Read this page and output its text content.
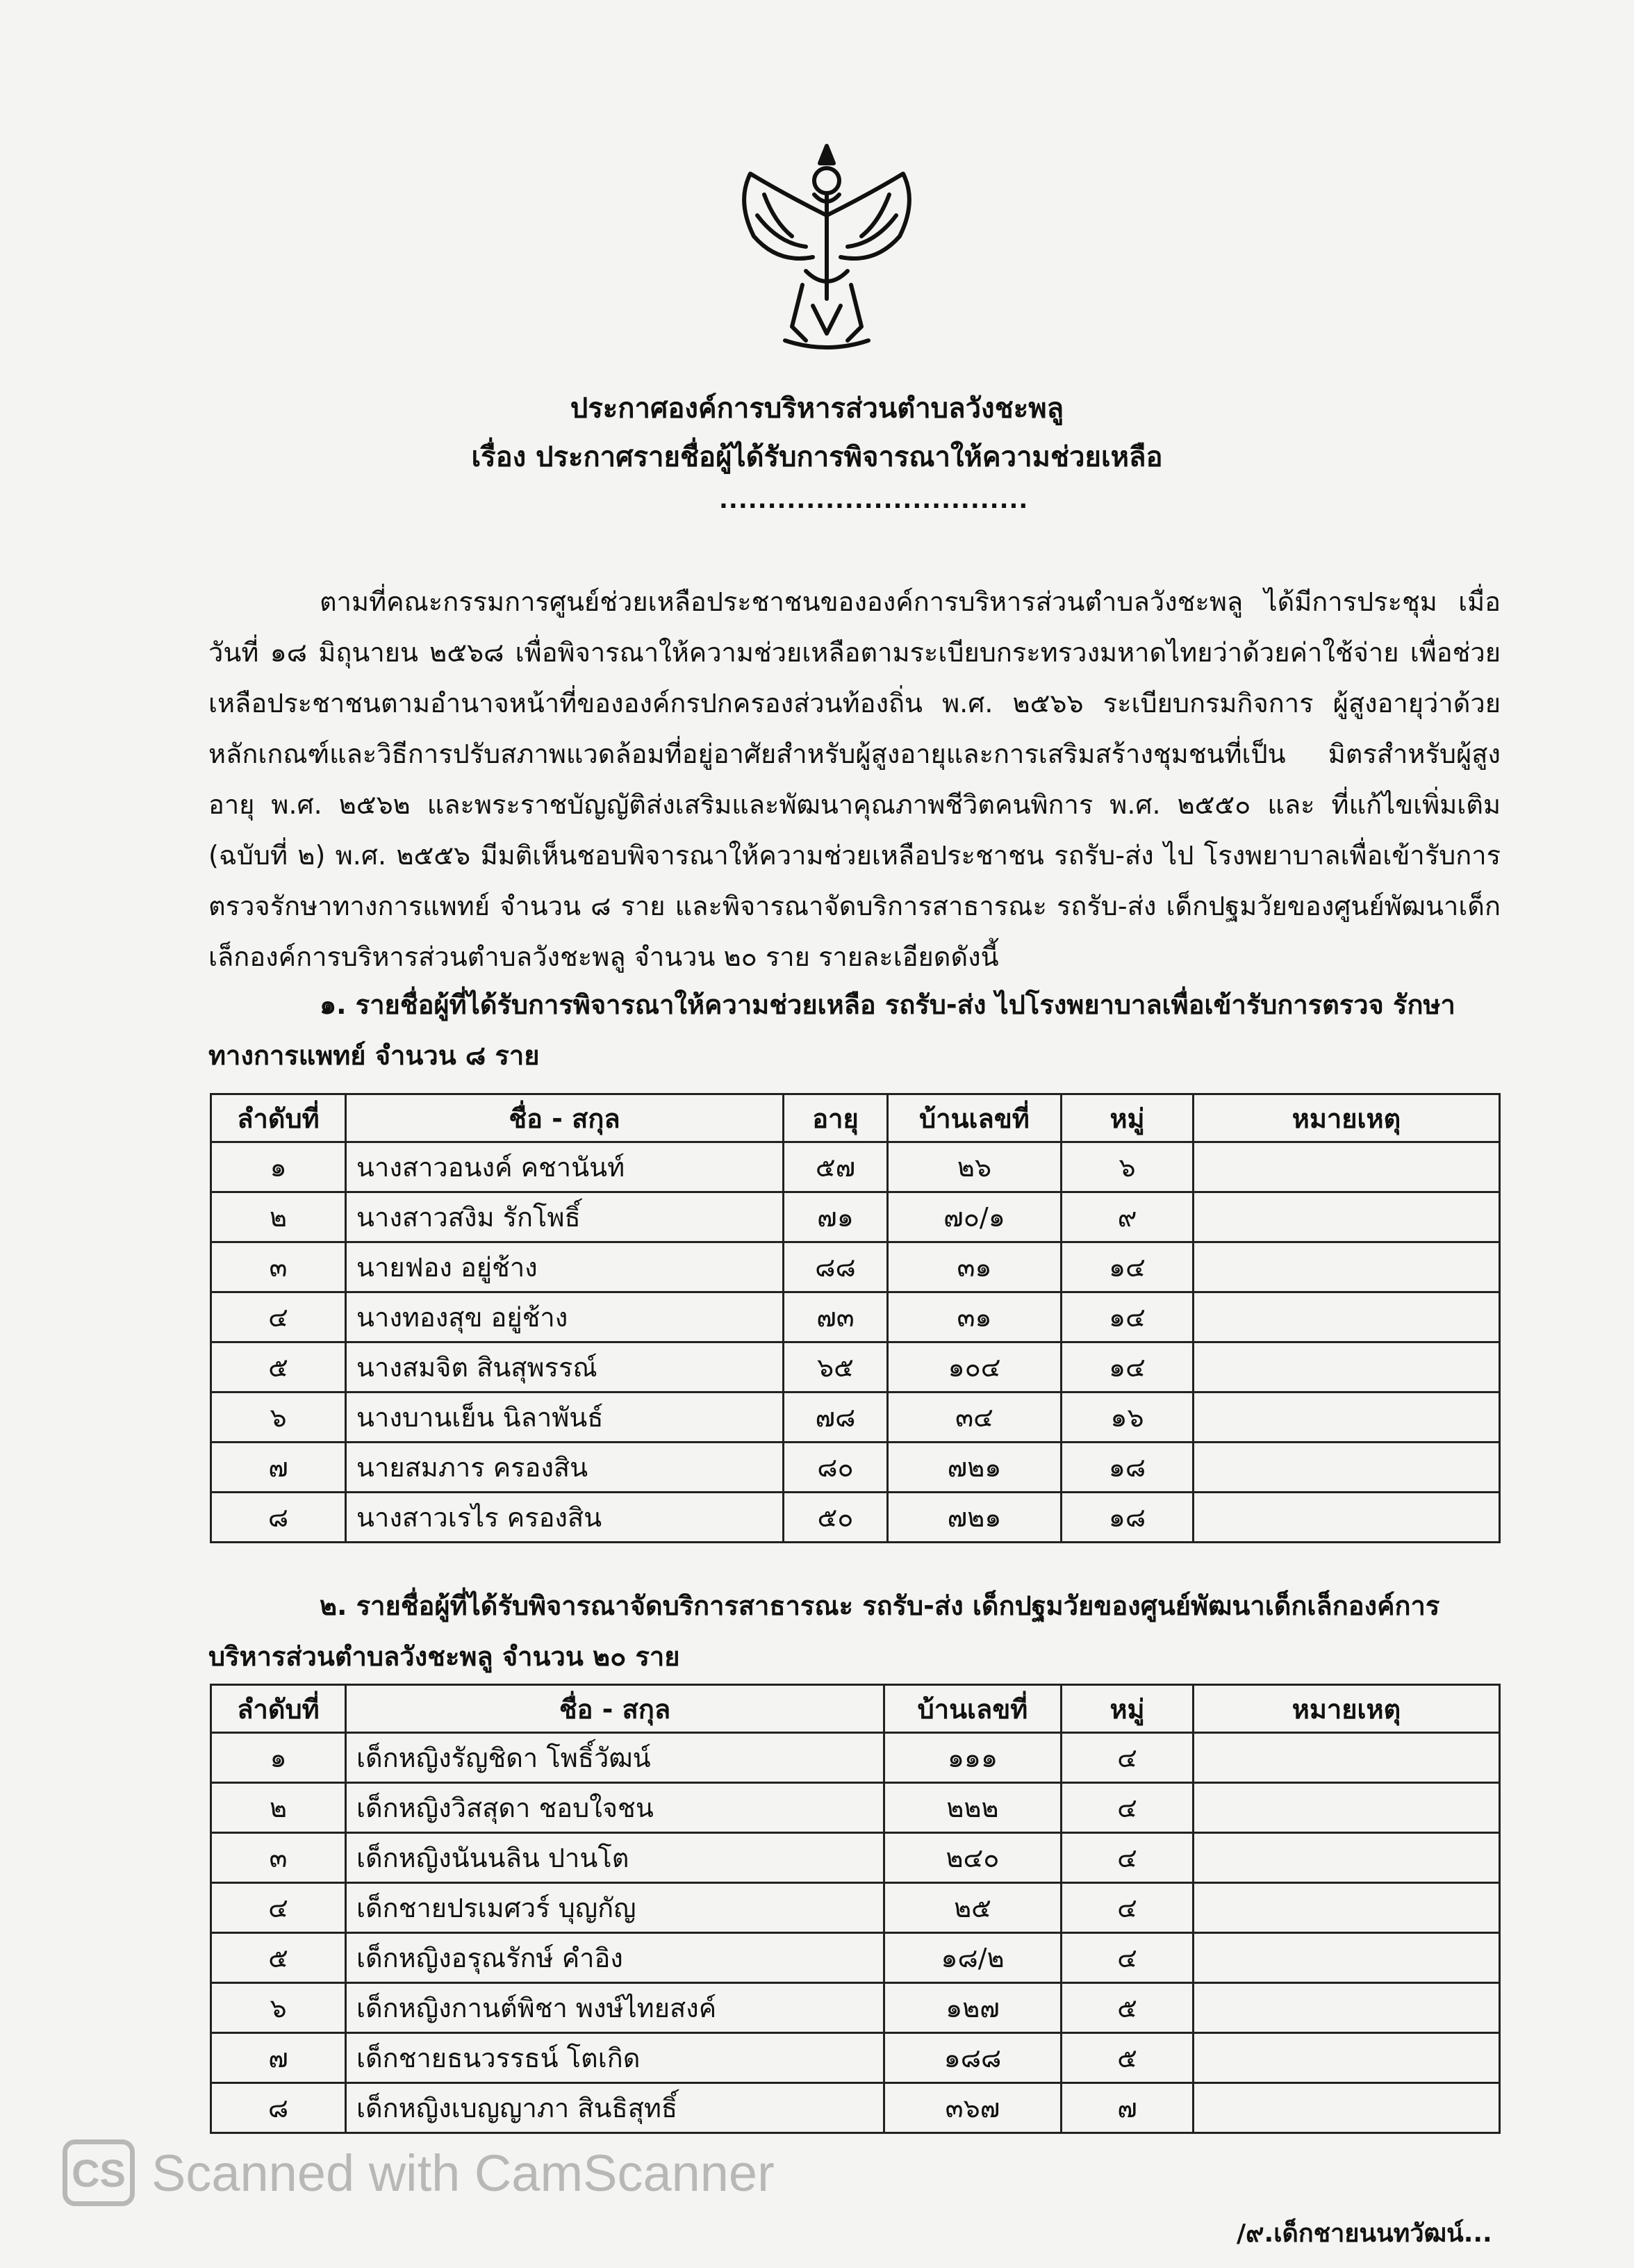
ประกาศองค์การบริหารส่วนตำบลวังชะพลู
เรื่อง ประกาศรายชื่อผู้ได้รับการพิจารณาให้ความช่วยเหลือ
................................
ตามที่คณะกรรมการศูนย์ช่วยเหลือประชาชนขององค์การบริหารส่วนตำบลวังชะพลู ได้มีการประชุม เมื่อวันที่ ๑๘ มิถุนายน ๒๕๖๘ เพื่อพิจารณาให้ความช่วยเหลือตามระเบียบกระทรวงมหาดไทยว่าด้วยค่าใช้จ่าย เพื่อช่วยเหลือประชาชนตามอำนาจหน้าที่ขององค์กรปกครองส่วนท้องถิ่น พ.ศ. ๒๕๖๖ ระเบียบกรมกิจการ ผู้สูงอายุว่าด้วยหลักเกณฑ์และวิธีการปรับสภาพแวดล้อมที่อยู่อาศัยสำหรับผู้สูงอายุและการเสริมสร้างชุมชนที่เป็น มิตรสำหรับผู้สูงอายุ พ.ศ. ๒๕๖๒ และพระราชบัญญัติส่งเสริมและพัฒนาคุณภาพชีวิตคนพิการ พ.ศ. ๒๕๕๐ และ ที่แก้ไขเพิ่มเติม (ฉบับที่ ๒) พ.ศ. ๒๕๕๖ มีมติเห็นชอบพิจารณาให้ความช่วยเหลือประชาชน รถรับ-ส่ง ไป โรงพยาบาลเพื่อเข้ารับการตรวจรักษาทางการแพทย์ จำนวน ๘ ราย และพิจารณาจัดบริการสาธารณะ รถรับ-ส่ง เด็กปฐมวัยของศูนย์พัฒนาเด็กเล็กองค์การบริหารส่วนตำบลวังชะพลู จำนวน ๒๐ ราย รายละเอียดดังนี้
๑. รายชื่อผู้ที่ได้รับการพิจารณาให้ความช่วยเหลือ รถรับ-ส่ง ไปโรงพยาบาลเพื่อเข้ารับการตรวจ รักษาทางการแพทย์ จำนวน ๘ ราย
ลำดับที่	ชื่อ - สกุล	อายุ	บ้านเลขที่	หมู่	หมายเหตุ
๑	นางสาวอนงค์ คชานันท์	๕๗	๒๖	๖	
๒	นางสาวสงิม รักโพธิ์	๗๑	๗๐/๑	๙	
๓	นายฟอง อยู่ช้าง	๘๘	๓๑	๑๔	
๔	นางทองสุข อยู่ช้าง	๗๓	๓๑	๑๔	
๕	นางสมจิต สินสุพรรณ์	๖๕	๑๐๔	๑๔	
๖	นางบานเย็น นิลาพันธ์	๗๘	๓๔	๑๖	
๗	นายสมภาร ครองสิน	๘๐	๗๒๑	๑๘	
๘	นางสาวเรไร ครองสิน	๕๐	๗๒๑	๑๘	
๒. รายชื่อผู้ที่ได้รับพิจารณาจัดบริการสาธารณะ รถรับ-ส่ง เด็กปฐมวัยของศูนย์พัฒนาเด็กเล็กองค์การ บริหารส่วนตำบลวังชะพลู จำนวน ๒๐ ราย
ลำดับที่	ชื่อ - สกุล	บ้านเลขที่	หมู่	หมายเหตุ
๑	เด็กหญิงรัญชิดา โพธิ์วัฒน์	๑๑๑	๔	
๒	เด็กหญิงวิสสุดา ชอบใจชน	๒๒๒	๔	
๓	เด็กหญิงนันนลิน ปานโต	๒๔๐	๔	
๔	เด็กชายปรเมศวร์ บุญกัญ	๒๕	๔	
๕	เด็กหญิงอรุณรักษ์ คำอิง	๑๘/๒	๔	
๖	เด็กหญิงกานต์พิชา พงษ์ไทยสงค์	๑๒๗	๕	
๗	เด็กชายธนวรรธน์ โตเกิด	๑๘๘	๕	
๘	เด็กหญิงเบญญาภา สินธิสุทธิ์	๓๖๗	๗	
CS Scanned with CamScanner
/๙.เด็กชายนนทวัฒน์...
